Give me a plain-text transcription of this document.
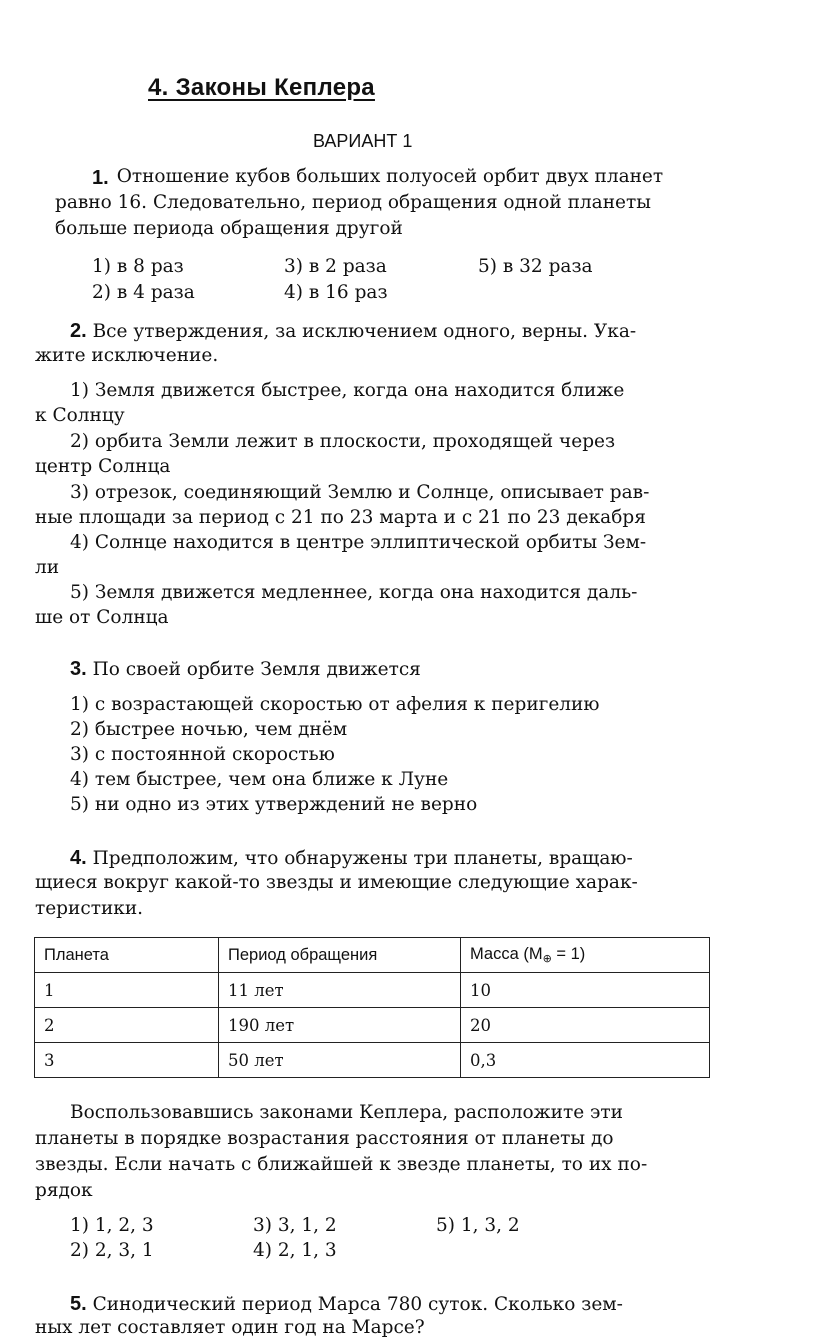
4. Законы Кеплера
ВАРИАНТ 1
1. Отношение кубов больших полуосей орбит двух планет
равно 16. Следовательно, период обращения одной планеты
больше периода обращения другой
1) в 8 раз	3) в 2 раза	5) в 32 раза
2) в 4 раза	4) в 16 раз
2. Все утверждения, за исключением одного, верны. Ука-
жите исключение.
1) Земля движется быстрее, когда она находится ближе
к Солнцу
2) орбита Земли лежит в плоскости, проходящей через
центр Солнца
3) отрезок, соединяющий Землю и Солнце, описывает рав-
ные площади за период с 21 по 23 марта и с 21 по 23 декабря
4) Солнце находится в центре эллиптической орбиты Зем-
ли
5) Земля движется медленнее, когда она находится даль-
ше от Солнца
3. По своей орбите Земля движется
1) с возрастающей скоростью от афелия к перигелию
2) быстрее ночью, чем днём
3) с постоянной скоростью
4) тем быстрее, чем она ближе к Луне
5) ни одно из этих утверждений не верно
4. Предположим, что обнаружены три планеты, вращаю-
щиеся вокруг какой-то звезды и имеющие следующие харак-
теристики.
Планета	Период обращения	Масса (M⊕ = 1)
1	11 лет	10
2	190 лет	20
3	50 лет	0,3
Воспользовавшись законами Кеплера, расположите эти
планеты в порядке возрастания расстояния от планеты до
звезды. Если начать с ближайшей к звезде планеты, то их по-
рядок
1) 1, 2, 3	3) 3, 1, 2	5) 1, 3, 2
2) 2, 3, 1	4) 2, 1, 3
5. Синодический период Марса 780 суток. Сколько зем-
ных лет составляет один год на Марсе?
